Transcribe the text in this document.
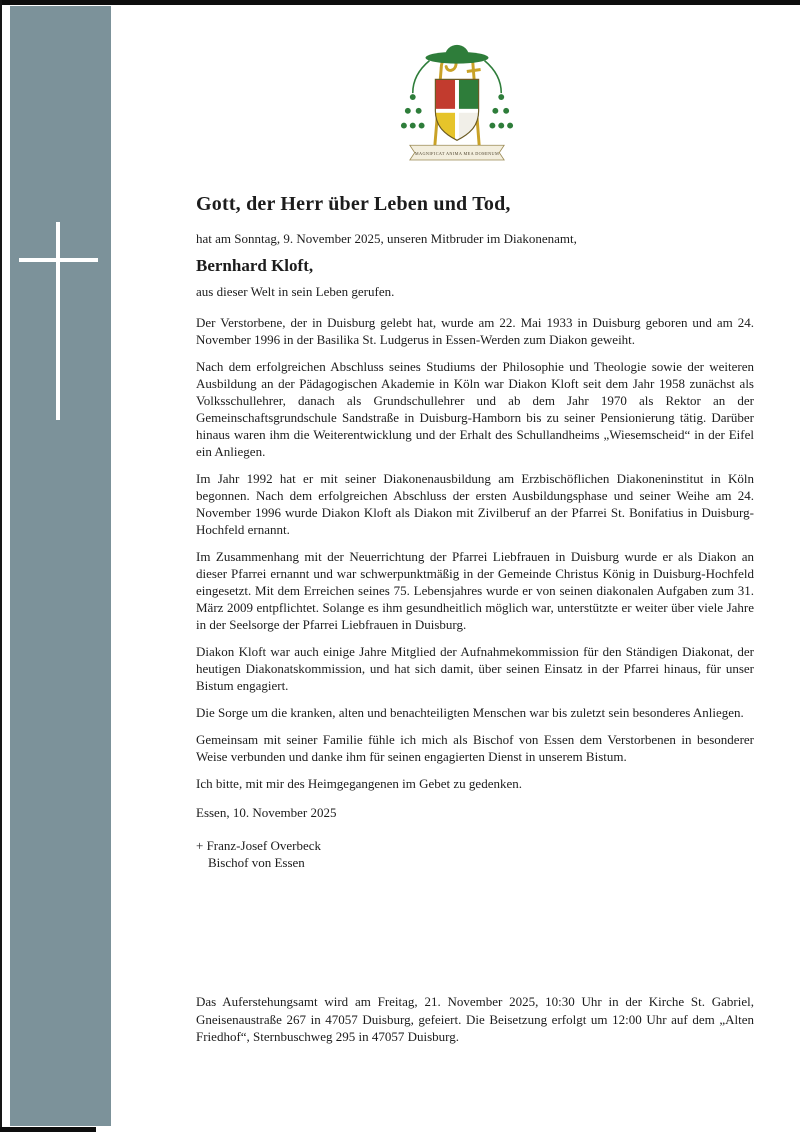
MAGNIFICAT ANIMA MEA DOMINUM
Gott, der Herr über Leben und Tod,
hat am Sonntag, 9. November 2025, unseren Mitbruder im Diakonenamt,
Bernhard Kloft,
aus dieser Welt in sein Leben gerufen.

Der Verstorbene, der in Duisburg gelebt hat, wurde am 22. Mai 1933 in Duisburg geboren und am 24. November 1996 in der Basilika St. Ludgerus in Essen-Werden zum Diakon geweiht.

Nach dem erfolgreichen Abschluss seines Studiums der Philosophie und Theologie sowie der weiteren Ausbildung an der Pädagogischen Akademie in Köln war Diakon Kloft seit dem Jahr 1958 zunächst als Volksschullehrer, danach als Grundschullehrer und ab dem Jahr 1970 als Rektor an der Gemeinschaftsgrundschule Sandstraße in Duisburg-Hamborn bis zu seiner Pensionierung tätig. Darüber hinaus waren ihm die Weiterentwicklung und der Erhalt des Schullandheims „Wiesemscheid“ in der Eifel ein Anliegen.

Im Jahr 1992 hat er mit seiner Diakonenausbildung am Erzbischöflichen Diakoneninstitut in Köln begonnen. Nach dem erfolgreichen Abschluss der ersten Ausbildungsphase und seiner Weihe am 24. November 1996 wurde Diakon Kloft als Diakon mit Zivilberuf an der Pfarrei St. Bonifatius in Duisburg-Hochfeld ernannt.

Im Zusammenhang mit der Neuerrichtung der Pfarrei Liebfrauen in Duisburg wurde er als Diakon an dieser Pfarrei ernannt und war schwerpunktmäßig in der Gemeinde Christus König in Duisburg-Hochfeld eingesetzt. Mit dem Erreichen seines 75. Lebensjahres wurde er von seinen diakonalen Aufgaben zum 31. März 2009 entpflichtet. Solange es ihm gesundheitlich möglich war, unterstützte er weiter über viele Jahre in der Seelsorge der Pfarrei Liebfrauen in Duisburg.

Diakon Kloft war auch einige Jahre Mitglied der Aufnahmekommission für den Ständigen Diakonat, der heutigen Diakonatskommission, und hat sich damit, über seinen Einsatz in der Pfarrei hinaus, für unser Bistum engagiert.

Die Sorge um die kranken, alten und benachteiligten Menschen war bis zuletzt sein besonderes Anliegen.

Gemeinsam mit seiner Familie fühle ich mich als Bischof von Essen dem Verstorbenen in besonderer Weise verbunden und danke ihm für seinen engagierten Dienst in unserem Bistum.

Ich bitte, mit mir des Heimgegangenen im Gebet zu gedenken.
Essen, 10. November 2025
+ Franz-Josef Overbeck
Bischof von Essen
Das Auferstehungsamt wird am Freitag, 21. November 2025, 10:30 Uhr in der Kirche St. Gabriel, Gneisenaustraße 267 in 47057 Duisburg, gefeiert. Die Beisetzung erfolgt um 12:00 Uhr auf dem „Alten Friedhof“, Sternbuschweg 295 in 47057 Duisburg.
